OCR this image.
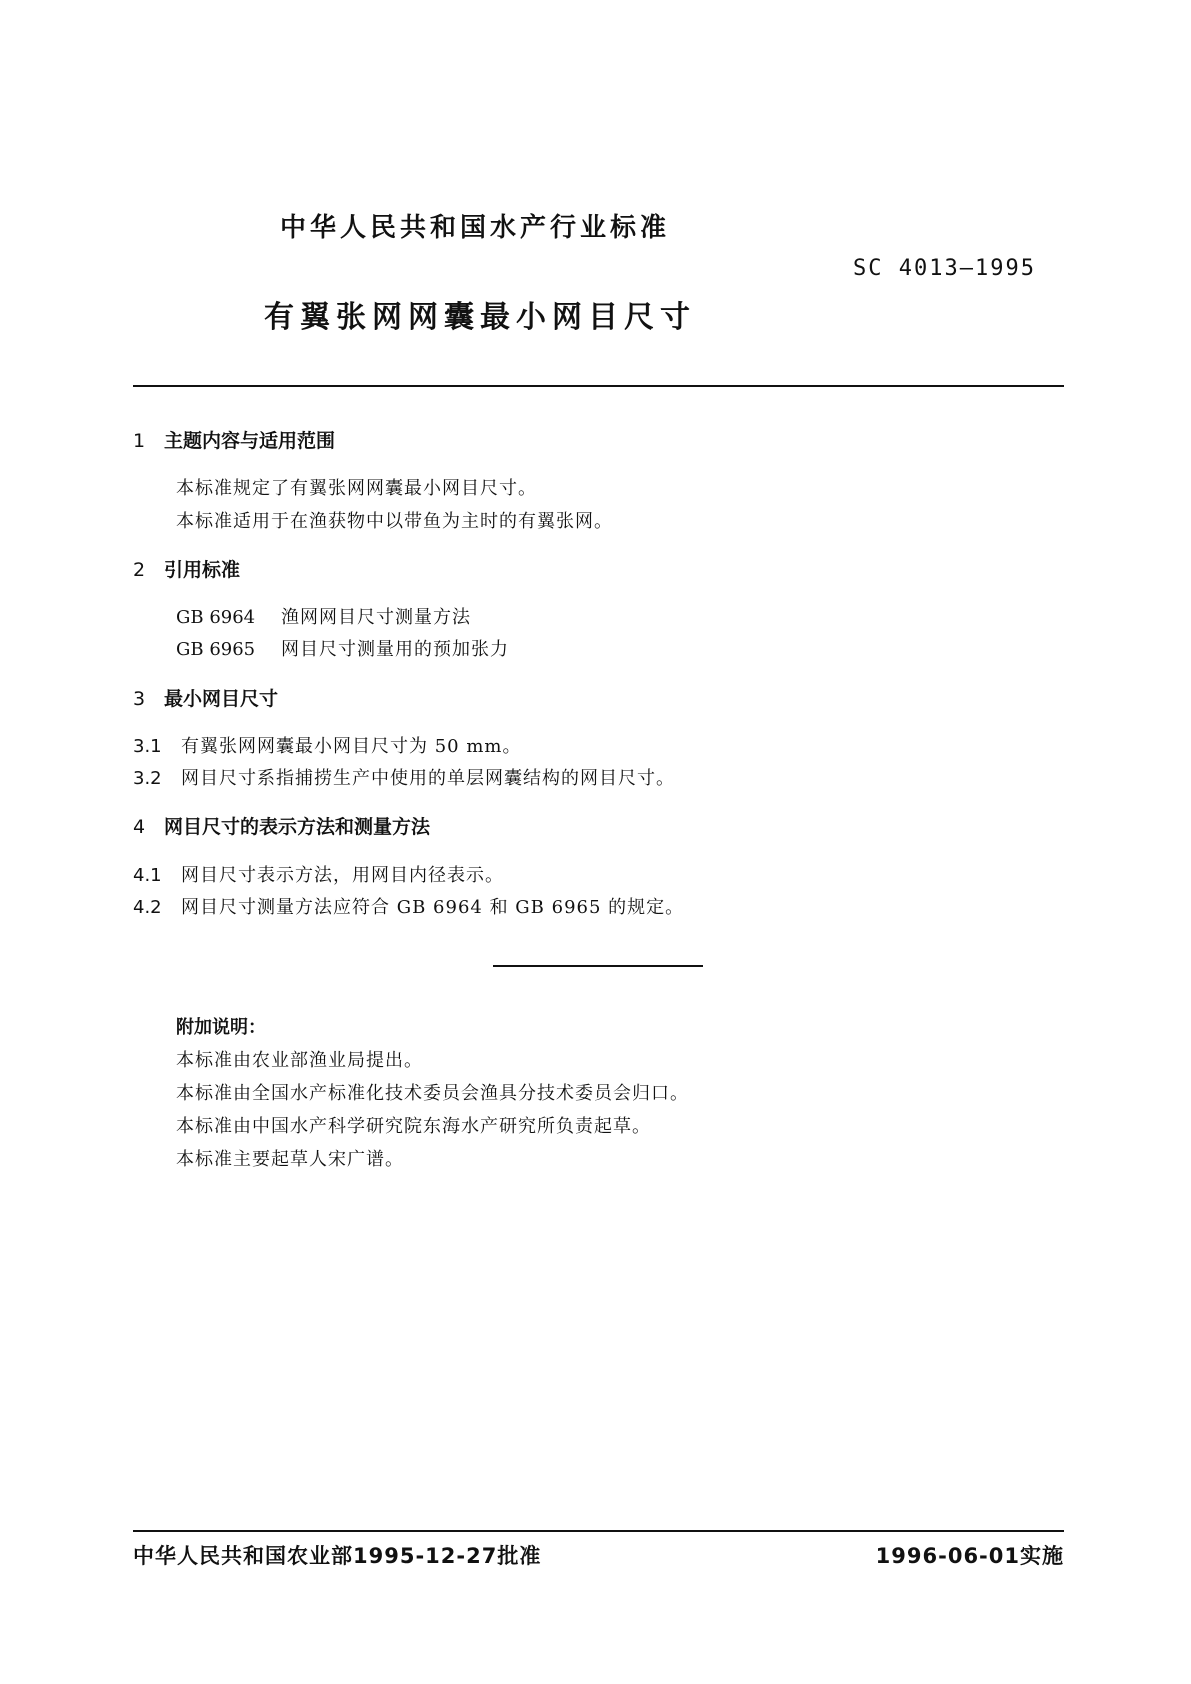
中华人民共和国水产行业标准
SC 4013—1995
有翼张网网囊最小网目尺寸
1 主题内容与适用范围
本标准规定了有翼张网网囊最小网目尺寸。
本标准适用于在渔获物中以带鱼为主时的有翼张网。
2 引用标准
GB 6964 渔网网目尺寸测量方法
GB 6965 网目尺寸测量用的预加张力
3 最小网目尺寸
3.1 有翼张网网囊最小网目尺寸为 50 mm。
3.2 网目尺寸系指捕捞生产中使用的单层网囊结构的网目尺寸。
4 网目尺寸的表示方法和测量方法
4.1 网目尺寸表示方法，用网目内径表示。
4.2 网目尺寸测量方法应符合 GB 6964 和 GB 6965 的规定。
附加说明：
本标准由农业部渔业局提出。
本标准由全国水产标准化技术委员会渔具分技术委员会归口。
本标准由中国水产科学研究院东海水产研究所负责起草。
本标准主要起草人宋广谱。
中华人民共和国农业部1995-12-27批准	1996-06-01实施
